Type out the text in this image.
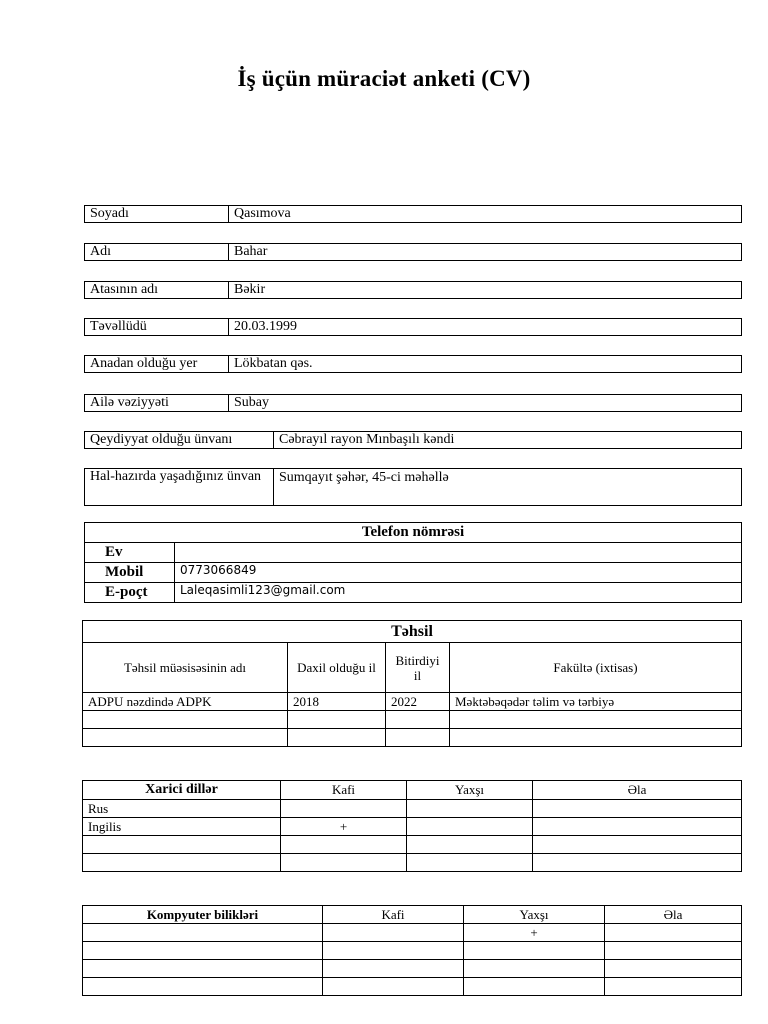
İş üçün müraciət anketi (CV)
Soyadı	Qasımova
Adı	Bahar
Atasının adı	Bəkir
Təvəllüdü	20.03.1999
Anadan olduğu yer	Lökbatan qəs.
Ailə vəziyyəti	Subay
Qeydiyyat olduğu ünvanı	Cəbrayıl rayon Mınbaşılı kəndi
Hal-hazırda yaşadığınız ünvan	Sumqayıt şəhər, 45-ci məhəllə
Telefon nömrəsi	
Ev	
Mobil	0773066849
E-poçt	Laleqasimli123@gmail.com
Təhsil			
Təhsil müəsisəsinin adı	Daxil olduğu il	Bitirdiyi il	Fakültə (ixtisas)
ADPU nəzdində ADPK	2018	2022	Məktəbəqədər təlim və tərbiyə

Xarici dillər	Kafi	Yaxşı	Əla
Rus			
Ingilis	+		

Kompyuter bilikləri	Kafi	Yaxşı	Əla
		+	
